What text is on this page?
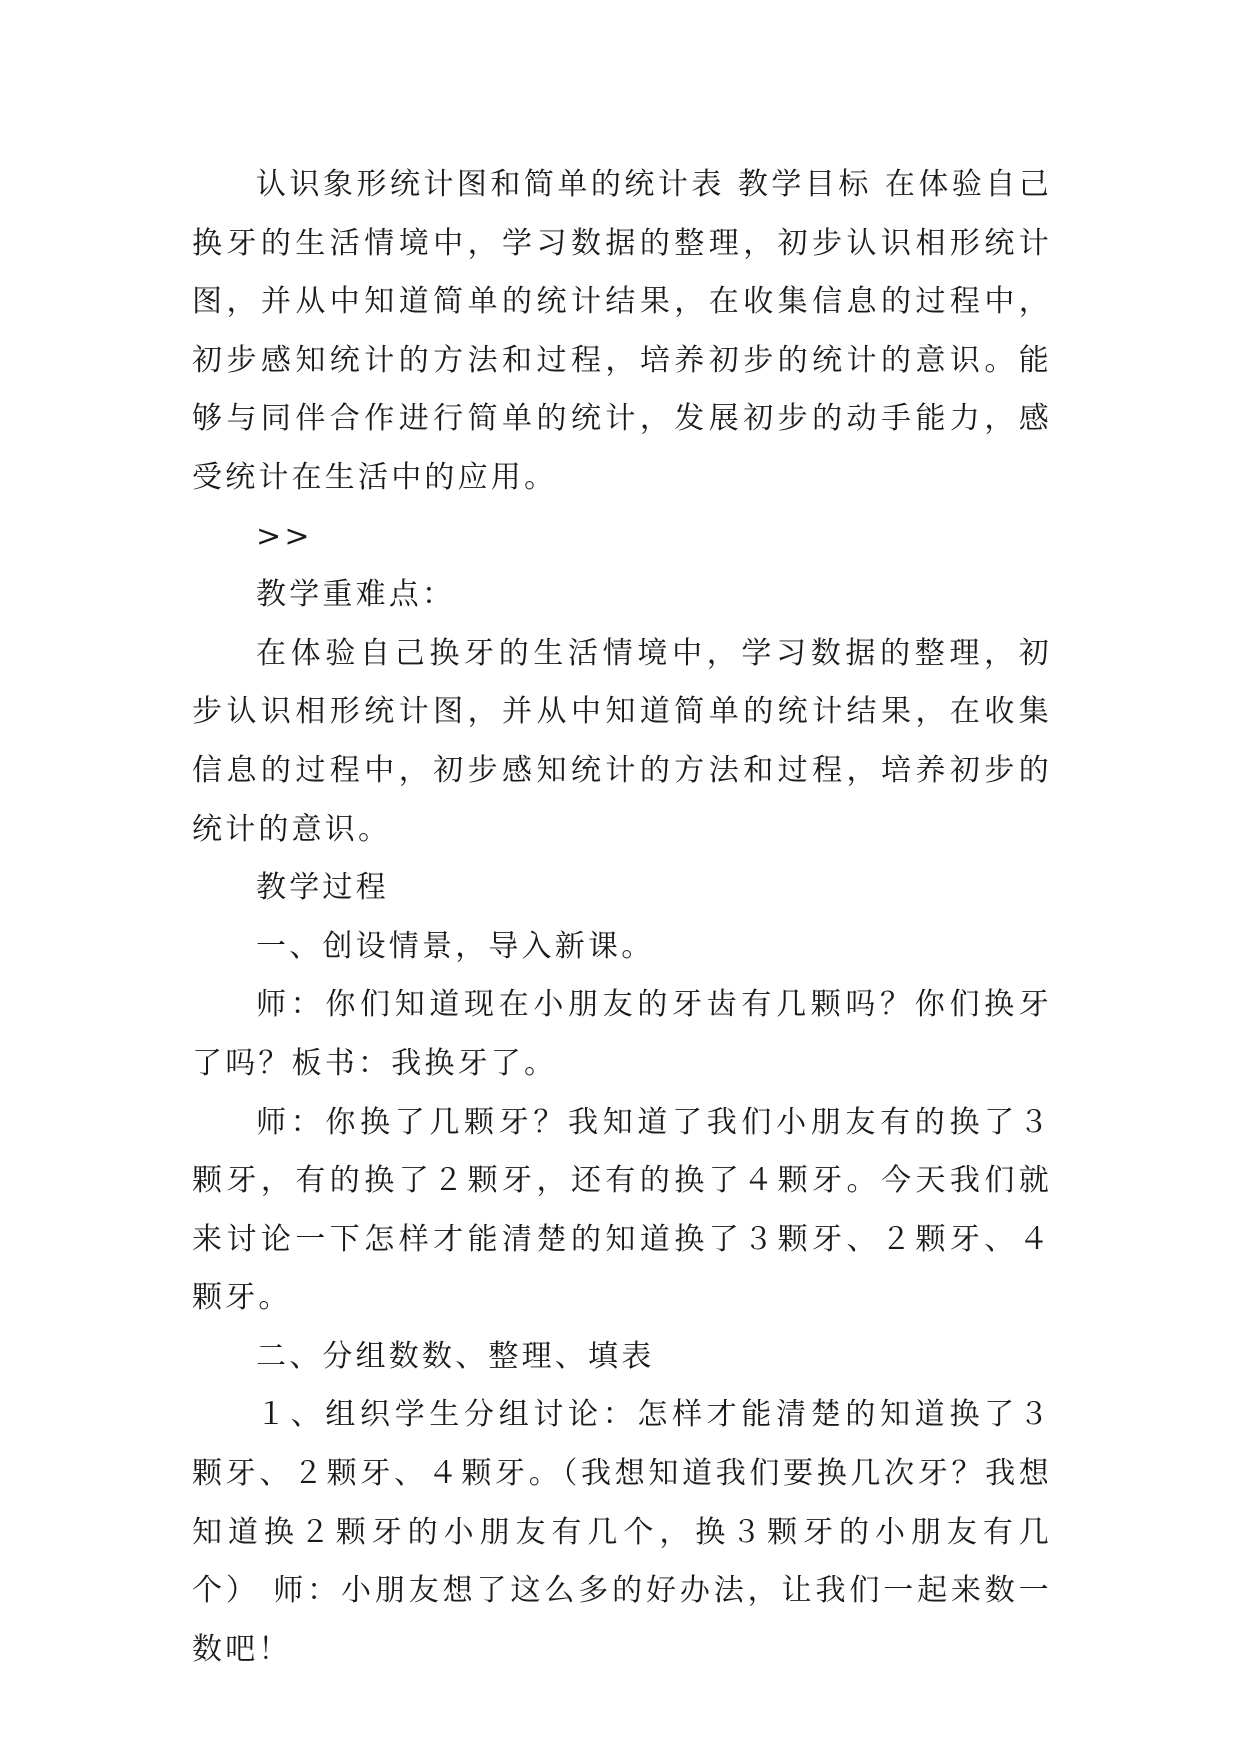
认识象形统计图和简单的统计表 教学目标 在体验自己换牙的生活情境中，学习数据的整理，初步认识相形统计图，并从中知道简单的统计结果，在收集信息的过程中，初步感知统计的方法和过程，培养初步的统计的意识。能够与同伴合作进行简单的统计，发展初步的动手能力，感受统计在生活中的应用。

>>

教学重难点：

在体验自己换牙的生活情境中，学习数据的整理，初步认识相形统计图，并从中知道简单的统计结果，在收集信息的过程中，初步感知统计的方法和过程，培养初步的统计的意识。

教学过程

一、创设情景，导入新课。

师：你们知道现在小朋友的牙齿有几颗吗？你们换牙了吗？板书：我换牙了。

师：你换了几颗牙？我知道了我们小朋友有的换了３颗牙，有的换了２颗牙，还有的换了４颗牙。今天我们就来讨论一下怎样才能清楚的知道换了３颗牙、２颗牙、４颗牙。

二、分组数数、整理、填表

１、组织学生分组讨论：怎样才能清楚的知道换了３颗牙、２颗牙、４颗牙。（我想知道我们要换几次牙？我想知道换２颗牙的小朋友有几个，换３颗牙的小朋友有几个） 师：小朋友想了这么多的好办法，让我们一起来数一数吧！
